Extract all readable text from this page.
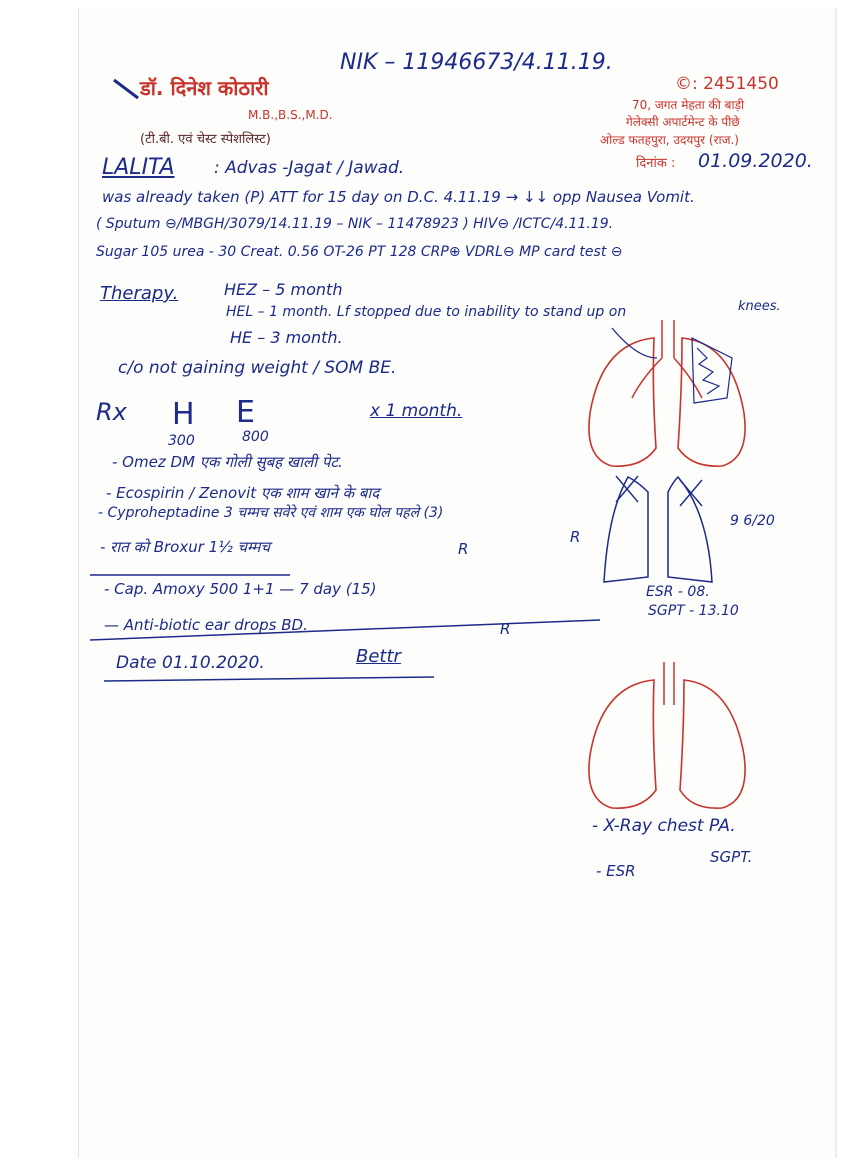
NIK – 11946673/4.11.19.
डॉ. दिनेश कोठारी
M.B.,B.S.,M.D.
(टी.बी. एवं चेस्ट स्पेशलिस्ट)
©: 2451450
70, जगत मेहता की बाड़ी
गेलेक्सी अपार्टमेन्ट के पीछे
ओल्ड फतहपुरा, उदयपुर (राज.)
दिनांक : 01.09.2020.
LALITA : Advas -Jagat / Jawad.
was already taken (P) ATT for 15 day on D.C. 4.11.19 → ↓↓ opp Nausea Vomit.
( Sputum ⊖/MBGH/3079/14.11.19 – NIK – 11478923 ) HIV⊖ /ICTC/4.11.19.
Sugar 105 urea - 30 Creat. 0.56 OT-26 PT 128 CRP⊕ VDRL⊖ MP card test ⊖
Therapy.	HEZ – 5 month
HEL – 1 month. Lf stopped due to inability to stand up on	knees.
HE – 3 month.
c/o not gaining weight / SOM BE.
Rx H E
300	800
x 1 month.
- Omez DM एक गोली सुबह खाली पेट.
- Ecospirin / Zenovit एक शाम खाने के बाद
- Cyproheptadine 3 चम्मच सवेरे एवं शाम एक घोल पहले (3)
- रात को Broxur 1½ चम्मच
- Cap. Amoxy 500 1+1 — 7 day (15)
— Anti-biotic ear drops BD.
R
R
R
Date 01.10.2020.	Bettr
9 6/20
ESR - 08.
SGPT - 13.10
- X-Ray chest PA.
- ESR
SGPT.
